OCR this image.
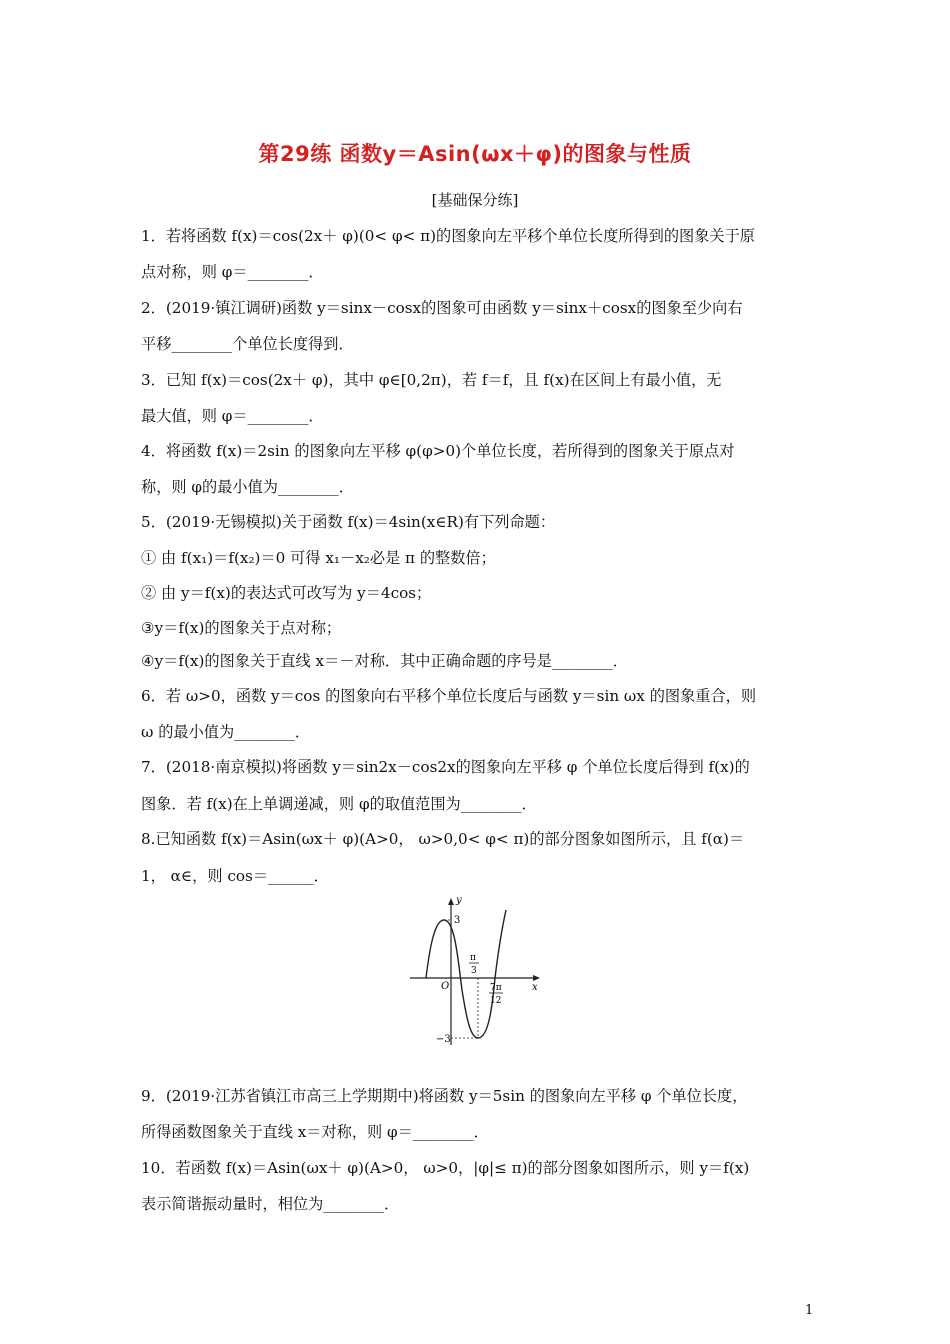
第29练 函数y＝Asin(ωx＋φ)的图象与性质
[基础保分练]
1．若将函数 f(x)＝cos(2x＋ φ)(0< φ< π)的图象向左平移个单位长度所得到的图象关于原
点对称，则 φ＝________．
2．(2019·镇江调研)函数 y＝sinx－cosx的图象可由函数 y＝sinx＋cosx的图象至少向右
平移________个单位长度得到．
3．已知 f(x)＝cos(2x＋ φ)，其中 φ∈[0,2π)，若 f＝f，且 f(x)在区间上有最小值，无
最大值，则 φ＝________．
4．将函数 f(x)＝2sin 的图象向左平移 φ(φ>0)个单位长度，若所得到的图象关于原点对
称，则 φ的最小值为________．
5．(2019·无锡模拟)关于函数 f(x)＝4sin(x∈R)有下列命题：
① 由 f(x₁)＝f(x₂)＝0 可得 x₁－x₂必是 π 的整数倍；
② 由 y＝f(x)的表达式可改写为 y＝4cos；
③y＝f(x)的图象关于点对称；
④y＝f(x)的图象关于直线 x＝－对称．其中正确命题的序号是________．
6．若 ω>0，函数 y＝cos 的图象向右平移个单位长度后与函数 y＝sin ωx 的图象重合，则
ω 的最小值为________．
7．(2018·南京模拟)将函数 y＝sin2x－cos2x的图象向左平移 φ 个单位长度后得到 f(x)的
图象．若 f(x)在上单调递减，则 φ的取值范围为________．
8.已知函数 f(x)＝Asin(ωx＋ φ)(A>0， ω>0,0< φ< π)的部分图象如图所示，且 f(α)＝
1， α∈，则 cos＝______．
y
x
O
3
−3
π
3
7π
12
9．(2019·江苏省镇江市高三上学期期中)将函数 y＝5sin 的图象向左平移 φ 个单位长度，
所得函数图象关于直线 x＝对称，则 φ＝________．
10．若函数 f(x)＝Asin(ωx＋ φ)(A>0， ω>0，|φ|≤ π)的部分图象如图所示，则 y＝f(x)
表示简谐振动量时，相位为________．
1
